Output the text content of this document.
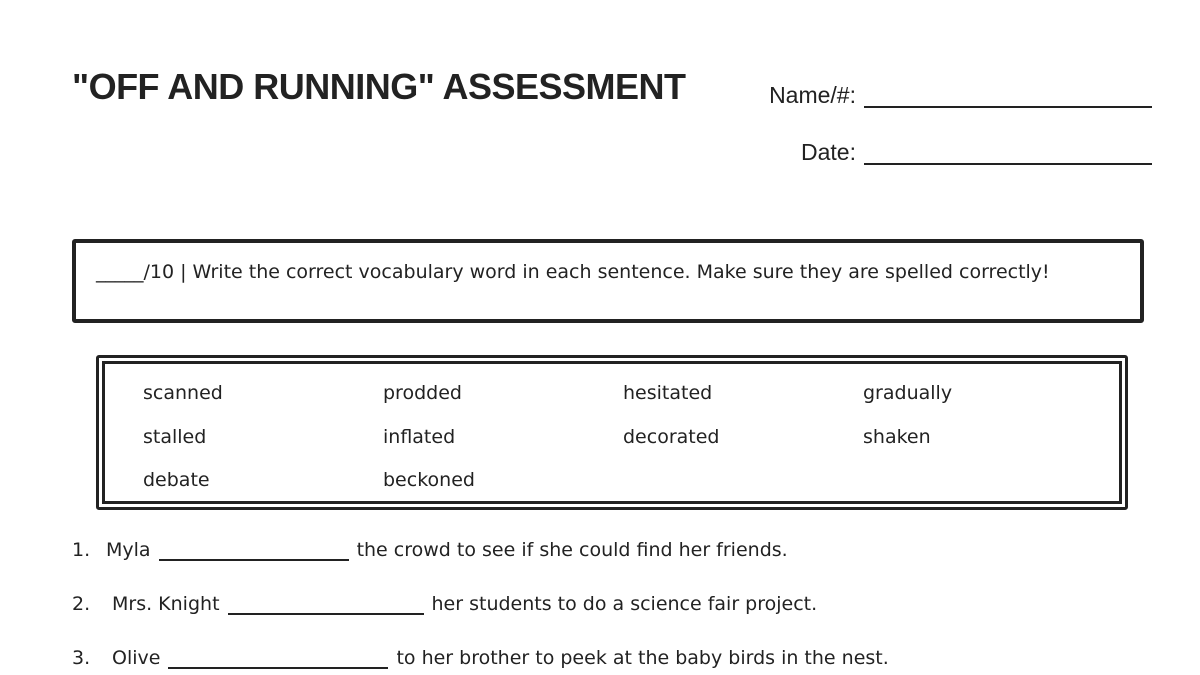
"OFF AND RUNNING" ASSESSMENT	Name/#:
Date:
_____/10 | Write the correct vocabulary word in each sentence. Make sure they are spelled correctly!
scanned	prodded	hesitated	gradually
stalled	inflated	decorated	shaken
debate	beckoned
1. Myla	the crowd to see if she could find her friends.
2.	Mrs. Knight	her students to do a science fair project.
3.	Olive	to her brother to peek at the baby birds in the nest.
